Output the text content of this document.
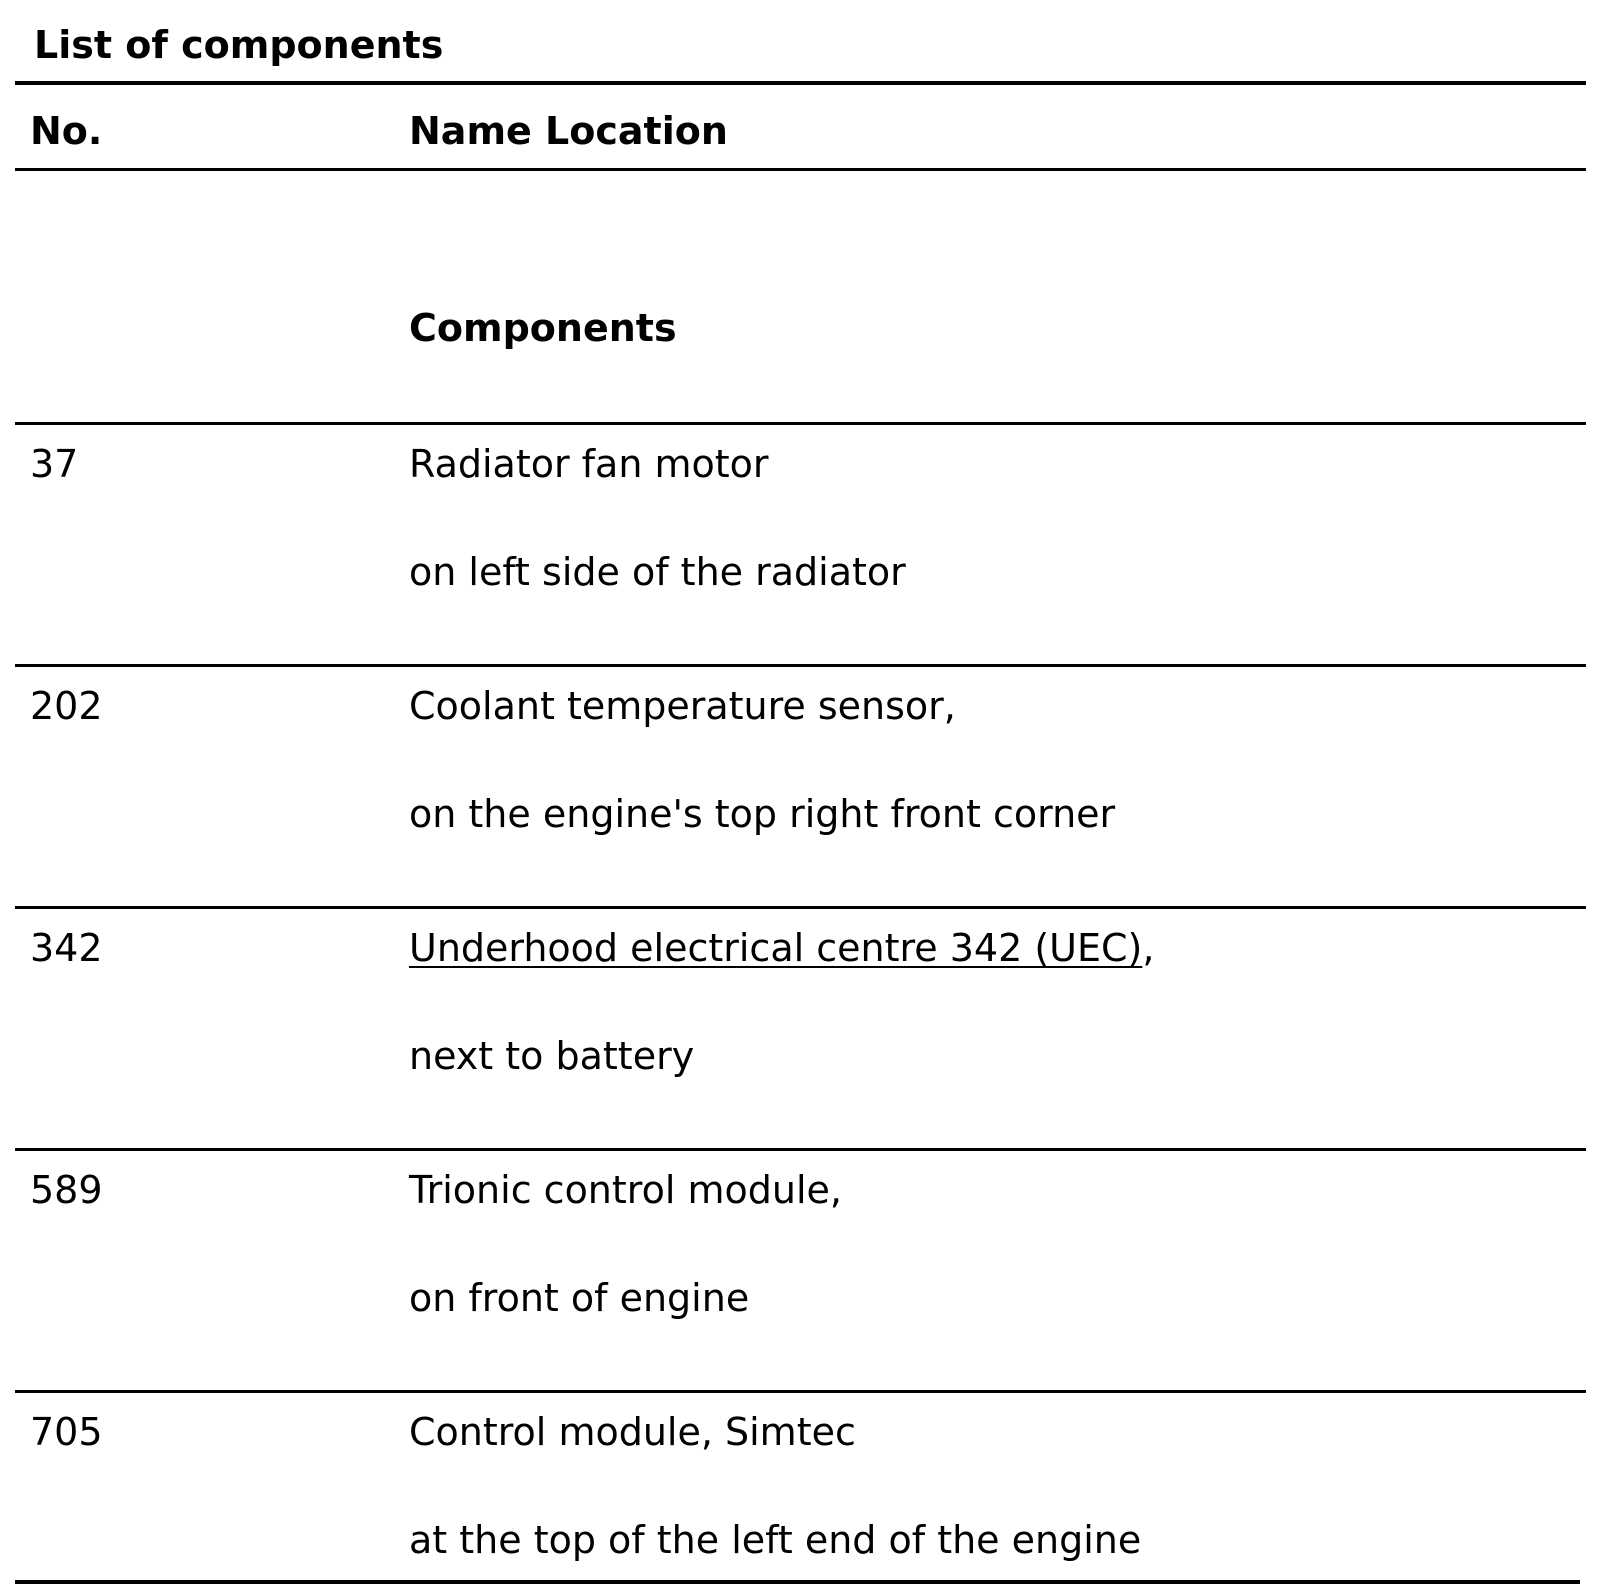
List of components
No.	Name Location
Components
37	Radiator fan motor
on left side of the radiator
202	Coolant temperature sensor,
on the engine's top right front corner
342	Underhood electrical centre 342 (UEC),
next to battery
589	Trionic control module,
on front of engine
705	Control module, Simtec
at the top of the left end of the engine
